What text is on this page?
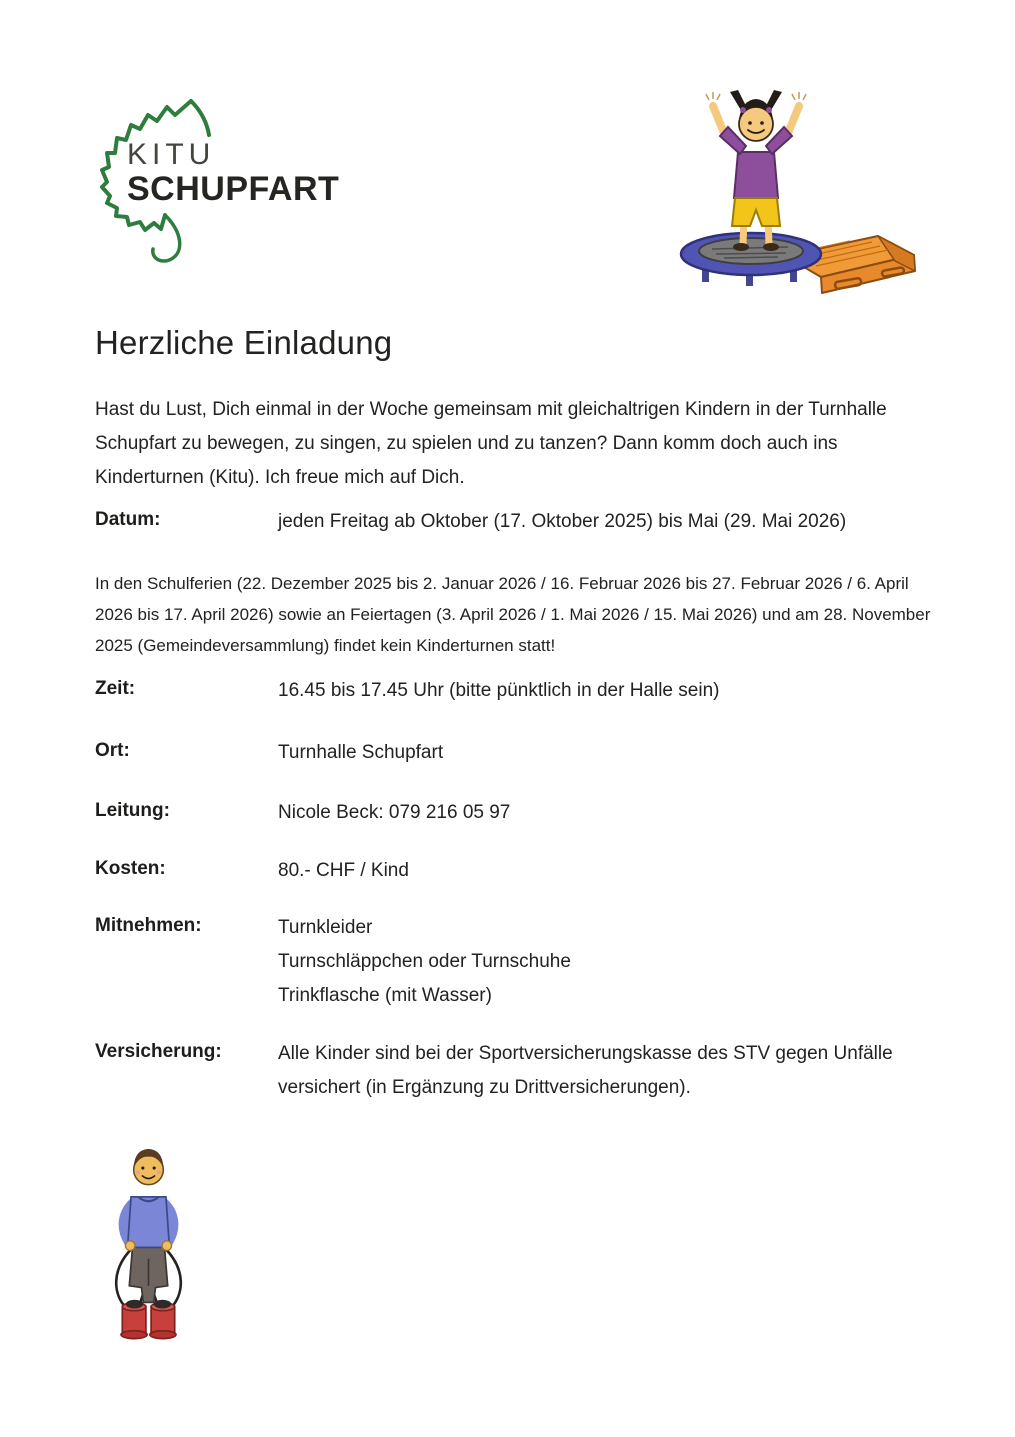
KITU
SCHUPFART
Herzliche Einladung

Hast du Lust, Dich einmal in der Woche gemeinsam mit gleichaltrigen Kindern in der Turnhalle Schupfart zu bewegen, zu singen, zu spielen und zu tanzen? Dann komm doch auch ins Kinderturnen (Kitu). Ich freue mich auf Dich.

Datum:	jeden Freitag ab Oktober (17. Oktober 2025) bis Mai (29. Mai 2026)

In den Schulferien (22. Dezember 2025 bis 2. Januar 2026 / 16. Februar 2026 bis 27. Februar 2026 / 6. April 2026 bis 17. April 2026) sowie an Feiertagen (3. April 2026 / 1. Mai 2026 / 15. Mai 2026) und am 28. November 2025 (Gemeindeversammlung) findet kein Kinderturnen statt!

Zeit:	16.45 bis 17.45 Uhr (bitte pünktlich in der Halle sein)
Ort:	Turnhalle Schupfart
Leitung:	Nicole Beck: 079 216 05 97
Kosten:	80.- CHF / Kind
Mitnehmen:	Turnkleider
Turnschläppchen oder Turnschuhe
Trinkflasche (mit Wasser)
Versicherung:	Alle Kinder sind bei der Sportversicherungskasse des STV gegen Unfälle versichert (in Ergänzung zu Drittversicherungen).
